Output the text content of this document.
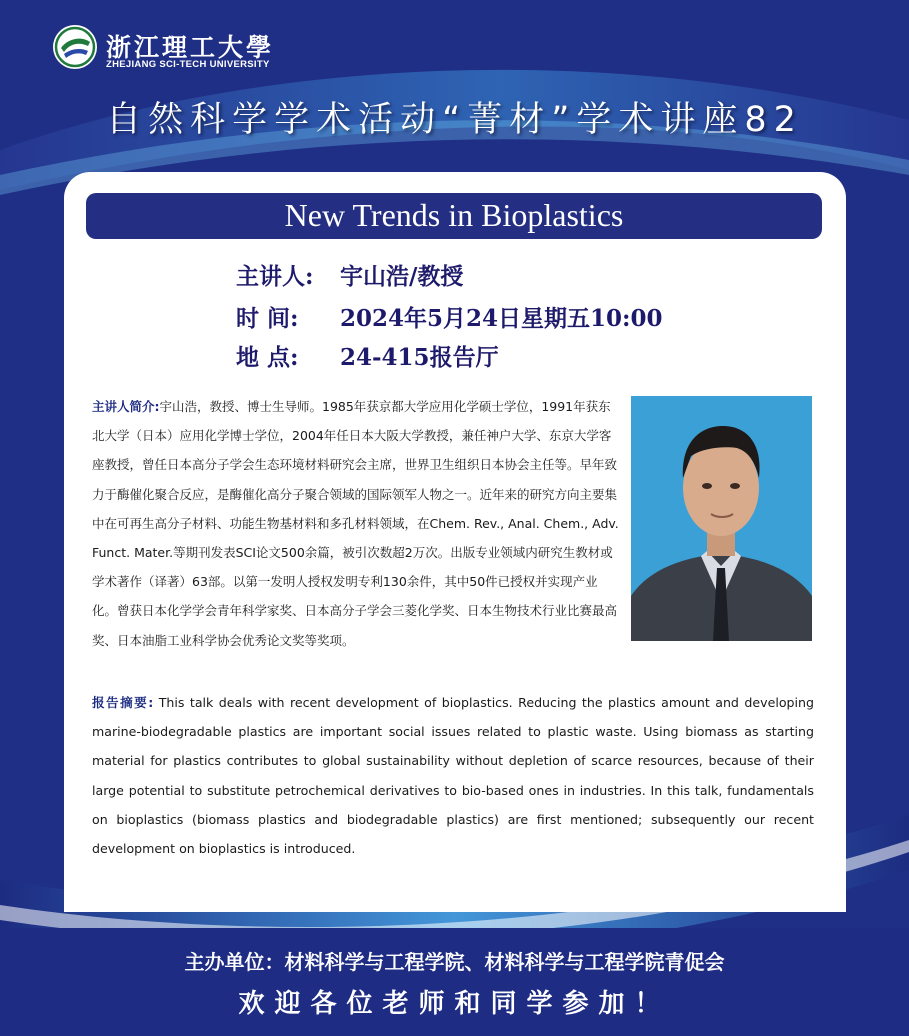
浙江理工大學
ZHEJIANG SCI-TECH UNIVERSITY
自然科学学术活动“菁材”学术讲座82
New Trends in Bioplastics
主讲人: 宇山浩/教授
时 间: 2024年5月24日星期五10:00
地 点: 24-415报告厅
主讲人简介:宇山浩，教授、博士生导师。1985年获京都大学应用化学硕士学位，1991年获东北大学（日本）应用化学博士学位，2004年任日本大阪大学教授，兼任神户大学、东京大学客座教授，曾任日本高分子学会生态环境材料研究会主席，世界卫生组织日本协会主任等。早年致力于酶催化聚合反应，是酶催化高分子聚合领域的国际领军人物之一。近年来的研究方向主要集中在可再生高分子材料、功能生物基材料和多孔材料领域，在Chem. Rev., Anal. Chem., Adv. Funct. Mater.等期刊发表SCI论文500余篇，被引次数超2万次。出版专业领域内研究生教材或学术著作（译著）63部。以第一发明人授权发明专利130余件，其中50件已授权并实现产业化。曾获日本化学学会青年科学家奖、日本高分子学会三菱化学奖、日本生物技术行业比赛最高奖、日本油脂工业科学协会优秀论文奖等奖项。
报告摘要: This talk deals with recent development of bioplastics. Reducing the plastics amount and developing marine-biodegradable plastics are important social issues related to plastic waste. Using biomass as starting material for plastics contributes to global sustainability without depletion of scarce resources, because of their large potential to substitute petrochemical derivatives to bio-based ones in industries. In this talk, fundamentals on bioplastics (biomass plastics and biodegradable plastics) are first mentioned; subsequently our recent development on bioplastics is introduced.
主办单位：材料科学与工程学院、材料科学与工程学院青促会
欢迎各位老师和同学参加！
